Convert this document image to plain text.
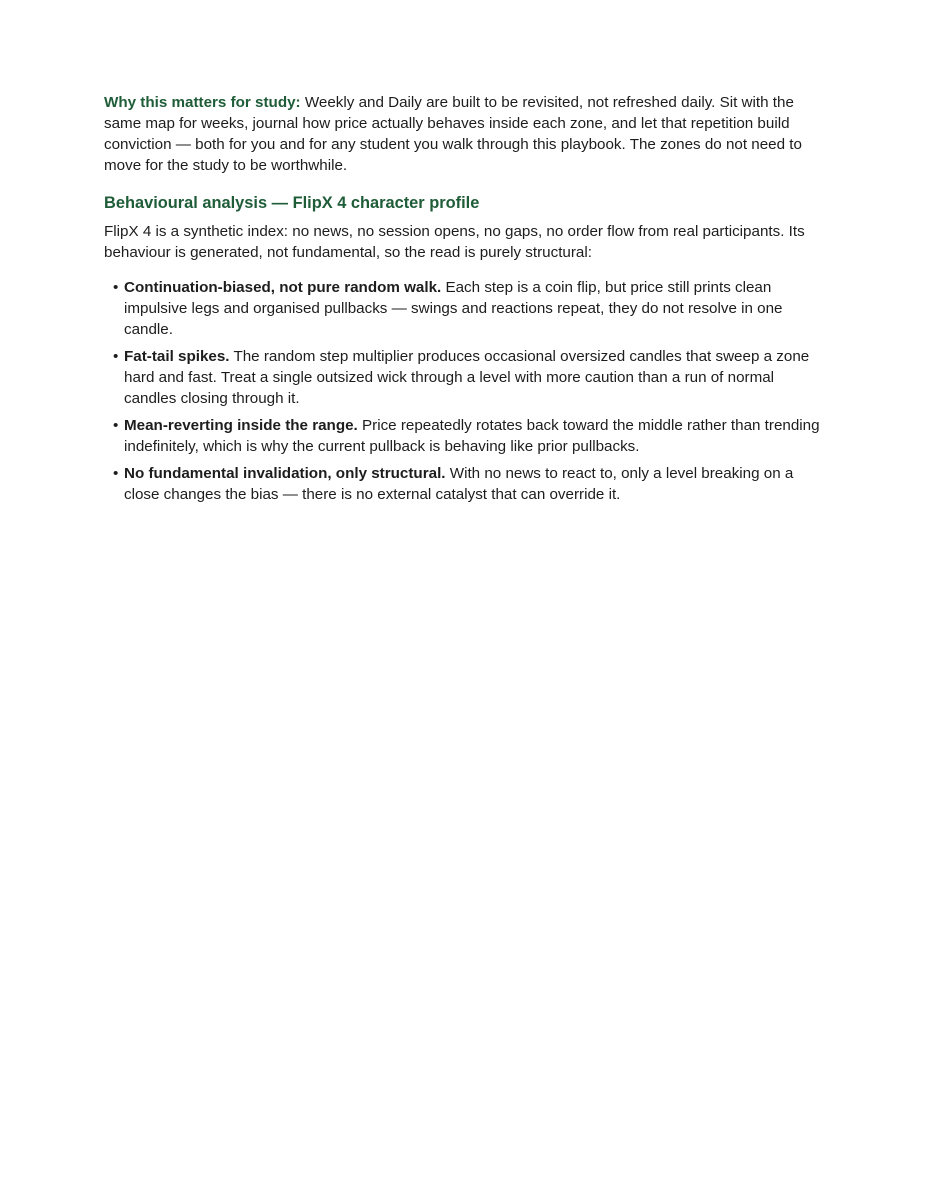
Why this matters for study: Weekly and Daily are built to be revisited, not refreshed daily. Sit with the same map for weeks, journal how price actually behaves inside each zone, and let that repetition build conviction — both for you and for any student you walk through this playbook. The zones do not need to move for the study to be worthwhile.

Behavioural analysis — FlipX 4 character profile

FlipX 4 is a synthetic index: no news, no session opens, no gaps, no order flow from real participants. Its behaviour is generated, not fundamental, so the read is purely structural:

• Continuation-biased, not pure random walk. Each step is a coin flip, but price still prints clean impulsive legs and organised pullbacks — swings and reactions repeat, they do not resolve in one candle.
• Fat-tail spikes. The random step multiplier produces occasional oversized candles that sweep a zone hard and fast. Treat a single outsized wick through a level with more caution than a run of normal candles closing through it.
• Mean-reverting inside the range. Price repeatedly rotates back toward the middle rather than trending indefinitely, which is why the current pullback is behaving like prior pullbacks.
• No fundamental invalidation, only structural. With no news to react to, only a level breaking on a close changes the bias — there is no external catalyst that can override it.
